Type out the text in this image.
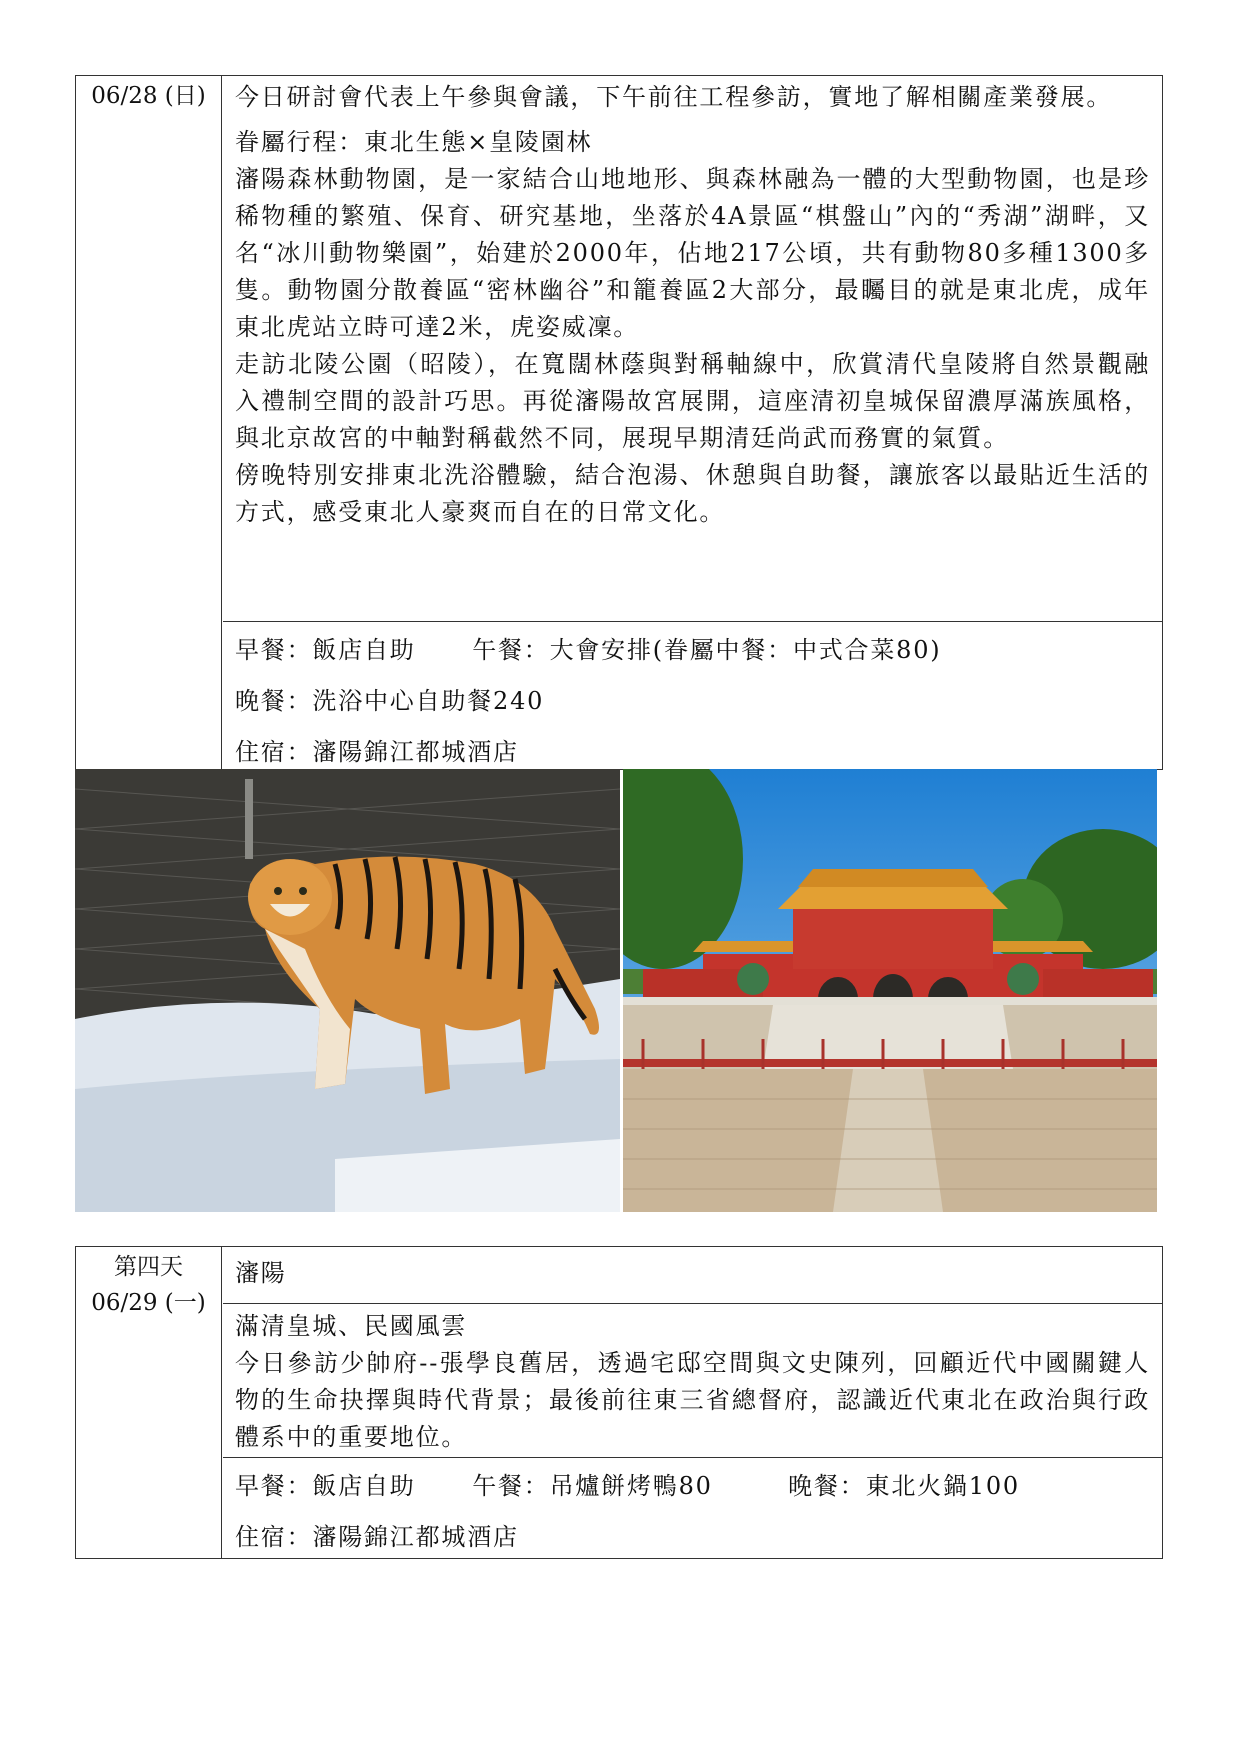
06/28 (日)	今日研討會代表上午參與會議，下午前往工程參訪，實地了解相關產業發展。

眷屬行程：東北生態×皇陵園林

瀋陽森林動物園，是一家結合山地地形、與森林融為一體的大型動物園，也是珍稀物種的繁殖、保育、研究基地，坐落於4A景區“棋盤山”內的“秀湖”湖畔，又名“冰川動物樂園”，始建於2000年，佔地217公頃，共有動物80多種1300多隻。動物園分散養區“密林幽谷”和籠養區2大部分，最矚目的就是東北虎，成年東北虎站立時可達2米，虎姿威凜。

走訪北陵公園（昭陵），在寬闊林蔭與對稱軸線中，欣賞清代皇陵將自然景觀融入禮制空間的設計巧思。再從瀋陽故宮展開，這座清初皇城保留濃厚滿族風格，與北京故宮的中軸對稱截然不同，展現早期清廷尚武而務實的氣質。

傍晚特別安排東北洗浴體驗，結合泡湯、休憩與自助餐，讓旅客以最貼近生活的方式，感受東北人豪爽而自在的日常文化。

早餐：飯店自助 午餐：大會安排(眷屬中餐：中式合菜80)
晚餐：洗浴中心自助餐240
住宿：瀋陽錦江都城酒店
第四天
06/29 (一)

瀋陽

滿清皇城、民國風雲

今日參訪少帥府--張學良舊居，透過宅邸空間與文史陳列，回顧近代中國關鍵人物的生命抉擇與時代背景；最後前往東三省總督府，認識近代東北在政治與行政體系中的重要地位。

早餐：飯店自助 午餐：吊爐餅烤鴨80	晚餐：東北火鍋100
住宿：瀋陽錦江都城酒店
